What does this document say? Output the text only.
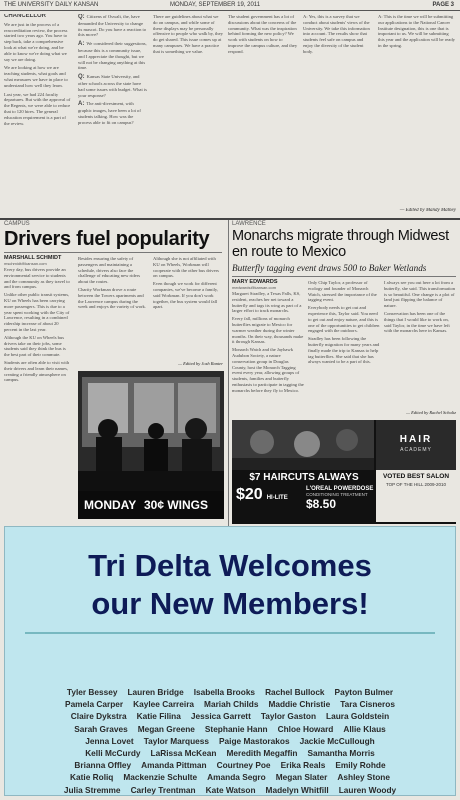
THE UNIVERSITY DAILY KANSAN	MONDAY, SEPTEMBER 19, 2011	PAGE 3
CHANCELLOR

We are just in the process of a reaccreditation review, the process started two years ago. You have to step back, take a comprehensive look at what we're doing, and be able to know we're doing what we say we are doing.

We are looking at how we are teaching students, what goals and what measures we have in place to understand how well they learn.

Last year, we had 224 faculty departures. But with the approval of the Regents, we were able to reduce that to 120 hires. The general education requirement is a part of the review.

Q: Citizens of Oswalt, the, have demanded the University to change its mascot. Do you have a reaction to this move?

A: We considered their suggestions, because this is a community issue, and I appreciate the thought, but we will not be changing anything at this time.

Q: Kansas State University, and other schools across the state have had some issues with budget. What is your response?

A: The anti-divestment, with graphic images, have been a lot of students talking. How was the process able to fit on campus?

There are guidelines about what we do on campus, and while some of these displays may be personally offensive to people who walk by, they do get shared. This issue comes up at many campuses. We have a practice that is something we value.
The student government has a lot of discussions about the concerns of the community. What was the inspiration behind forming the new policy? We work with students on how to improve the campus culture, and they respond.
A: Yes, this is a survey that we conduct about students' views of the University. We take this information into account. The results show that students feel safe on campus and enjoy the diversity of the student body.
A: This is the time we will be submitting our applications to the National Cancer Institute designation, this is one that is important to us. We will be submitting this year and the application will be ready in the spring.
— Edited by Mandy Matney
CAMPUS
Drivers fuel popularity
MARSHALL SCHMIDT
mschmidt@kansan.com

Every day, bus drivers provide an environmental service to students and the community as they travel to and from campus.

Unlike other public transit systems, KU on Wheels has been carrying more passengers. This is due to a year spent working with the City of Lawrence, resulting in a combined ridership increase of about 20 percent in the last year.

Although the KU on Wheels bus drivers take on their jobs, some students said they think the bus is the best part of their commute.

Students are often able to visit with their drivers and learn their names, creating a friendly atmosphere on campus.

Besides ensuring the safety of passengers and maintaining a schedule, drivers also face the challenge of educating new riders about the routes.

Charity Workman drove a route between the Towers apartments and the Lawrence campus during the week and enjoys the variety of work.

Although she is not affiliated with KU on Wheels, Workman will cooperate with the other bus drivers on campus.

Even though we work for different companies, we've become a family, said Workman. If you don't work together, the bus system would fall apart.

— Edited by Josh Ranter
LAWRENCE
Monarchs migrate through Midwest en route to Mexico
Butterfly tagging event draws 500 to Baker Wetlands
MARY EDWARDS
medwards@kansan.com

Margaret Stradley, a Texas Falls, KS, resident, reaches her net toward a butterfly and tags its wing as part of a larger effort to track monarchs.

Every fall, millions of monarch butterflies migrate to Mexico for warmer weather during the winter months. On their way, thousands make it through Kansas.

Monarch Watch and the Jayhawk Audubon Society, a nature conservation group in Douglas County, host the Monarch Tagging event every year, allowing groups of students, families and butterfly enthusiasts to participate in tagging the monarchs before they fly to Mexico.

Only Chip Taylor, a professor of ecology and founder of Monarch Watch, stressed the importance of the tagging event.

Everybody needs to get out and experience this, Taylor said. You need to get out and enjoy nature, and this is one of the opportunities to get children engaged with the outdoors.

Stradley has been following the butterfly migration for many years and finally made the trip to Kansas to help tag butterflies. She said that she has always wanted to be a part of this.

I always see you out here a lot from a butterfly, she said. This transformation is so beautiful. One change is a plot of land just flipping the balance of nature.

Conservation has been one of the things that I would like to work on, said Taylor, in the time we have left with the monarchs here in Kansas.

— Edited by Rachel Schultz
MONDAY 30¢ WINGS
HAIR
ACADEMY
VOTED BEST SALON
TOP OF THE HILL 2009-2010
$7 HAIRCUTS ALWAYS
$20 HI-LITE
L'OREAL POWERDOSE
CONDITIONING TREATMENT
$8.50
Tri Delta Welcomes
our New Members!
Tyler Bessey Lauren Bridge Isabella Brooks Rachel Bullock Payton Bulmer
Pamela Carper Kaylee Carreira Mariah Childs Maddie Christie Tara Cisneros
Claire Dykstra Katie Filina Jessica Garrett Taylor Gaston Laura Goldstein
Sarah Graves Megan Greene Stephanie Hann Chloe Howard Allie Klaus
Jenna Lovet Taylor Marquess Paige Mastorakos Jackie McCullough
Kelli McCurdy LaRissa McKean Meredith Megaffin Samantha Morris
Brianna Offley Amanda Pittman Courtney Poe Erika Reals Emily Rohde
Katie Roliq Mackenzie Schulte Amanda Segro Megan Slater Ashley Stone
Julia Stremme Carley Trentman Kate Watson Madelyn Whitfill Lauren Woody
